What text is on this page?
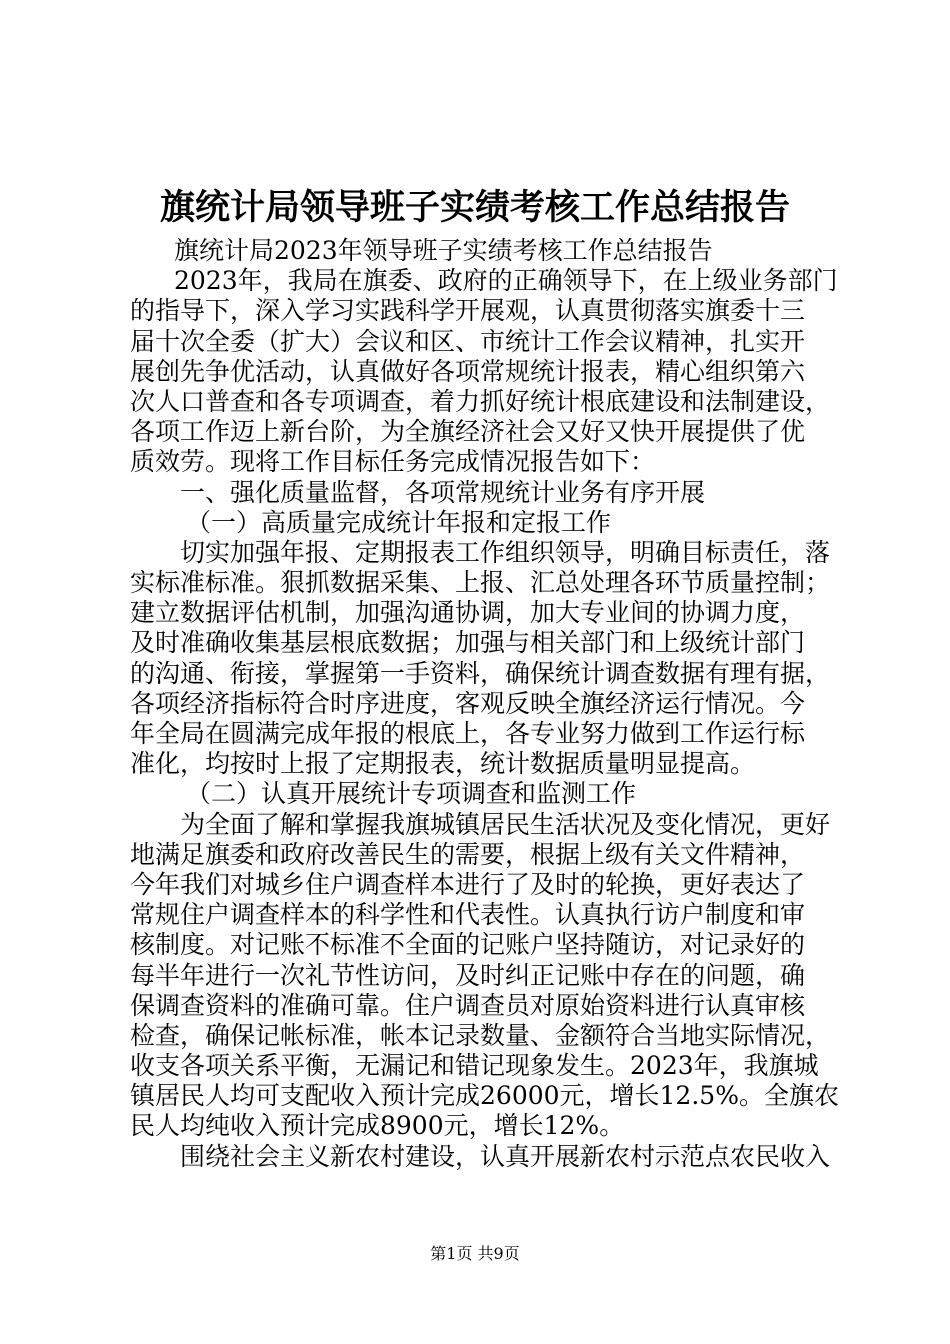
旗统计局领导班子实绩考核工作总结报告
旗统计局2023年领导班子实绩考核工作总结报告
2023年，我局在旗委、政府的正确领导下，在上级业务部门
的指导下，深入学习实践科学开展观，认真贯彻落实旗委十三
届十次全委（扩大）会议和区、市统计工作会议精神，扎实开
展创先争优活动，认真做好各项常规统计报表，精心组织第六
次人口普查和各专项调查，着力抓好统计根底建设和法制建设，
各项工作迈上新台阶，为全旗经济社会又好又快开展提供了优
质效劳。现将工作目标任务完成情况报告如下：
一、强化质量监督，各项常规统计业务有序开展
（一）高质量完成统计年报和定报工作
切实加强年报、定期报表工作组织领导，明确目标责任，落
实标准标准。狠抓数据采集、上报、汇总处理各环节质量控制；
建立数据评估机制，加强沟通协调，加大专业间的协调力度，
及时准确收集基层根底数据；加强与相关部门和上级统计部门
的沟通、衔接，掌握第一手资料，确保统计调查数据有理有据，
各项经济指标符合时序进度，客观反映全旗经济运行情况。今
年全局在圆满完成年报的根底上，各专业努力做到工作运行标
准化，均按时上报了定期报表，统计数据质量明显提高。
（二）认真开展统计专项调查和监测工作
为全面了解和掌握我旗城镇居民生活状况及变化情况，更好
地满足旗委和政府改善民生的需要，根据上级有关文件精神，
今年我们对城乡住户调查样本进行了及时的轮换，更好表达了
常规住户调查样本的科学性和代表性。认真执行访户制度和审
核制度。对记账不标准不全面的记账户坚持随访，对记录好的
每半年进行一次礼节性访问，及时纠正记账中存在的问题，确
保调查资料的准确可靠。住户调查员对原始资料进行认真审核
检查，确保记帐标准，帐本记录数量、金额符合当地实际情况，
收支各项关系平衡，无漏记和错记现象发生。2023年，我旗城
镇居民人均可支配收入预计完成26000元，增长12.5%。全旗农
民人均纯收入预计完成8900元，增长12%。
围绕社会主义新农村建设，认真开展新农村示范点农民收入
第1页 共9页
